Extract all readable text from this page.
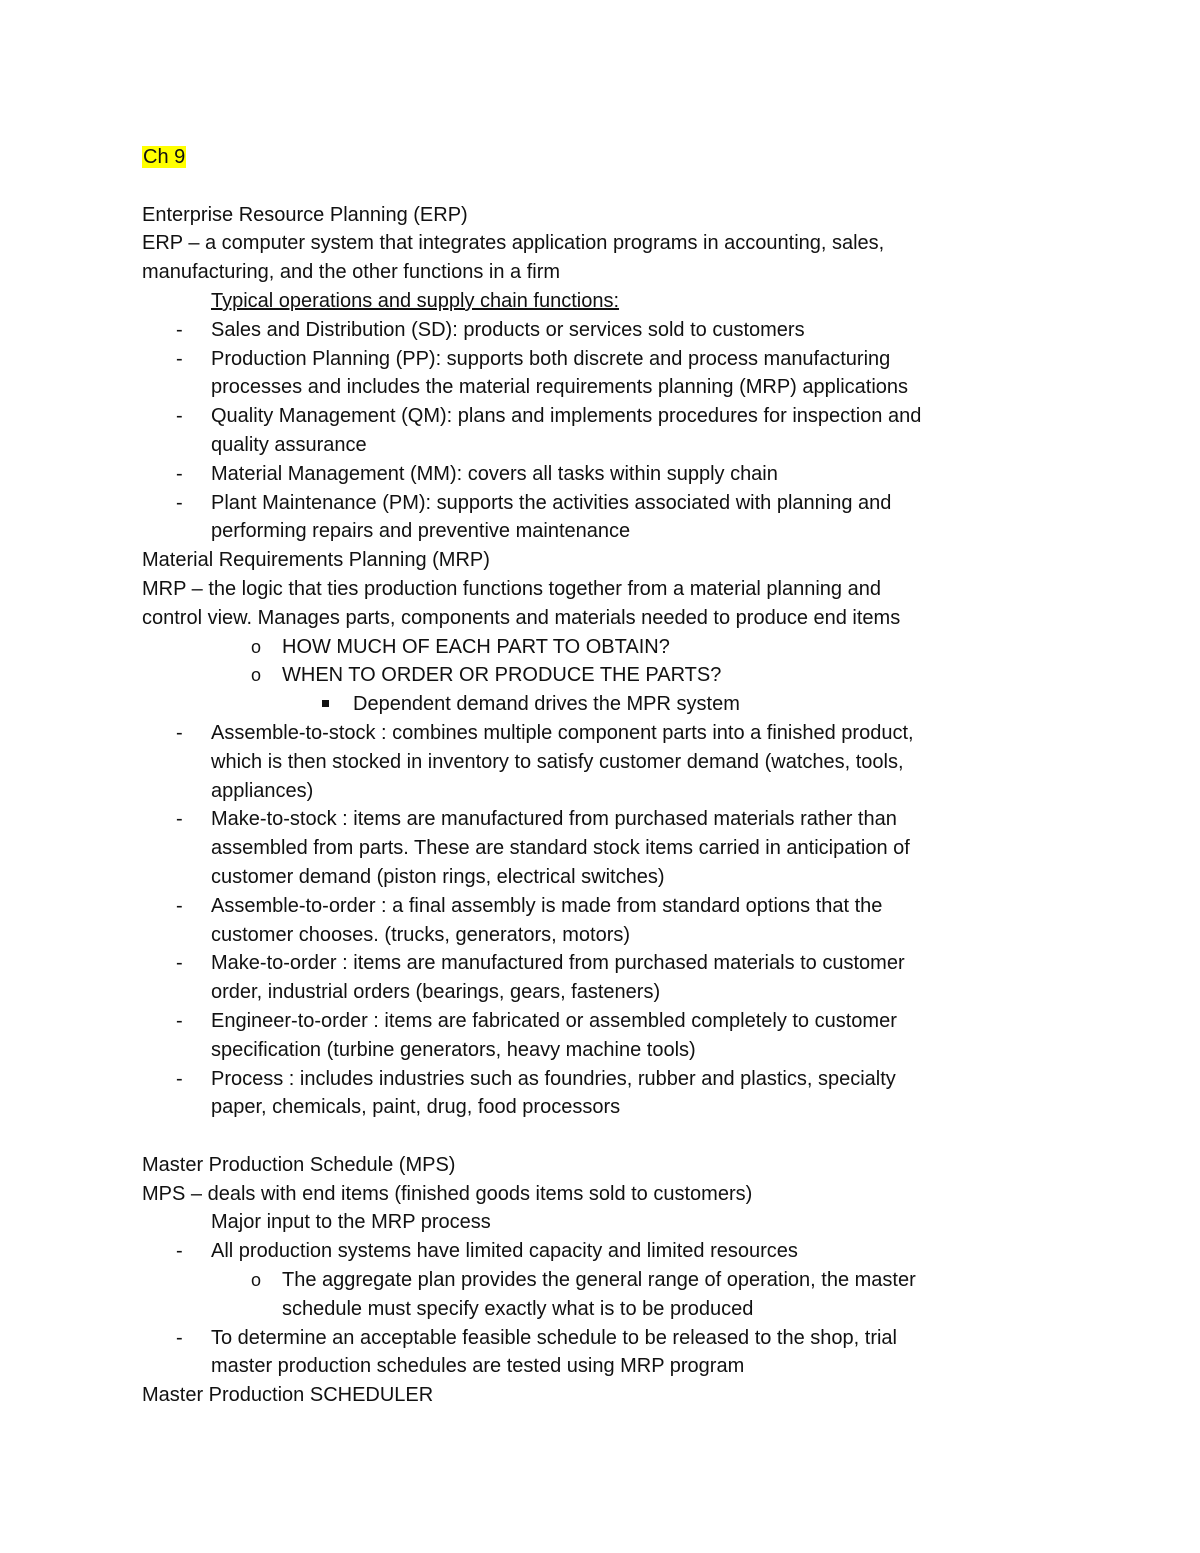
Ch 9
Enterprise Resource Planning (ERP)
ERP – a computer system that integrates application programs in accounting, sales,
manufacturing, and the other functions in a firm
Typical operations and supply chain functions:
- Sales and Distribution (SD): products or services sold to customers
- Production Planning (PP): supports both discrete and process manufacturing
processes and includes the material requirements planning (MRP) applications
- Quality Management (QM): plans and implements procedures for inspection and
quality assurance
- Material Management (MM): covers all tasks within supply chain
- Plant Maintenance (PM): supports the activities associated with planning and
performing repairs and preventive maintenance
Material Requirements Planning (MRP)
MRP – the logic that ties production functions together from a material planning and
control view. Manages parts, components and materials needed to produce end items
o HOW MUCH OF EACH PART TO OBTAIN?
o WHEN TO ORDER OR PRODUCE THE PARTS?
Dependent demand drives the MPR system
- Assemble-to-stock : combines multiple component parts into a finished product,
which is then stocked in inventory to satisfy customer demand (watches, tools,
appliances)
- Make-to-stock : items are manufactured from purchased materials rather than
assembled from parts. These are standard stock items carried in anticipation of
customer demand (piston rings, electrical switches)
- Assemble-to-order : a final assembly is made from standard options that the
customer chooses. (trucks, generators, motors)
- Make-to-order : items are manufactured from purchased materials to customer
order, industrial orders (bearings, gears, fasteners)
- Engineer-to-order : items are fabricated or assembled completely to customer
specification (turbine generators, heavy machine tools)
- Process : includes industries such as foundries, rubber and plastics, specialty
paper, chemicals, paint, drug, food processors
Master Production Schedule (MPS)
MPS – deals with end items (finished goods items sold to customers)
Major input to the MRP process
- All production systems have limited capacity and limited resources
o The aggregate plan provides the general range of operation, the master
schedule must specify exactly what is to be produced
- To determine an acceptable feasible schedule to be released to the shop, trial
master production schedules are tested using MRP program
Master Production SCHEDULER
